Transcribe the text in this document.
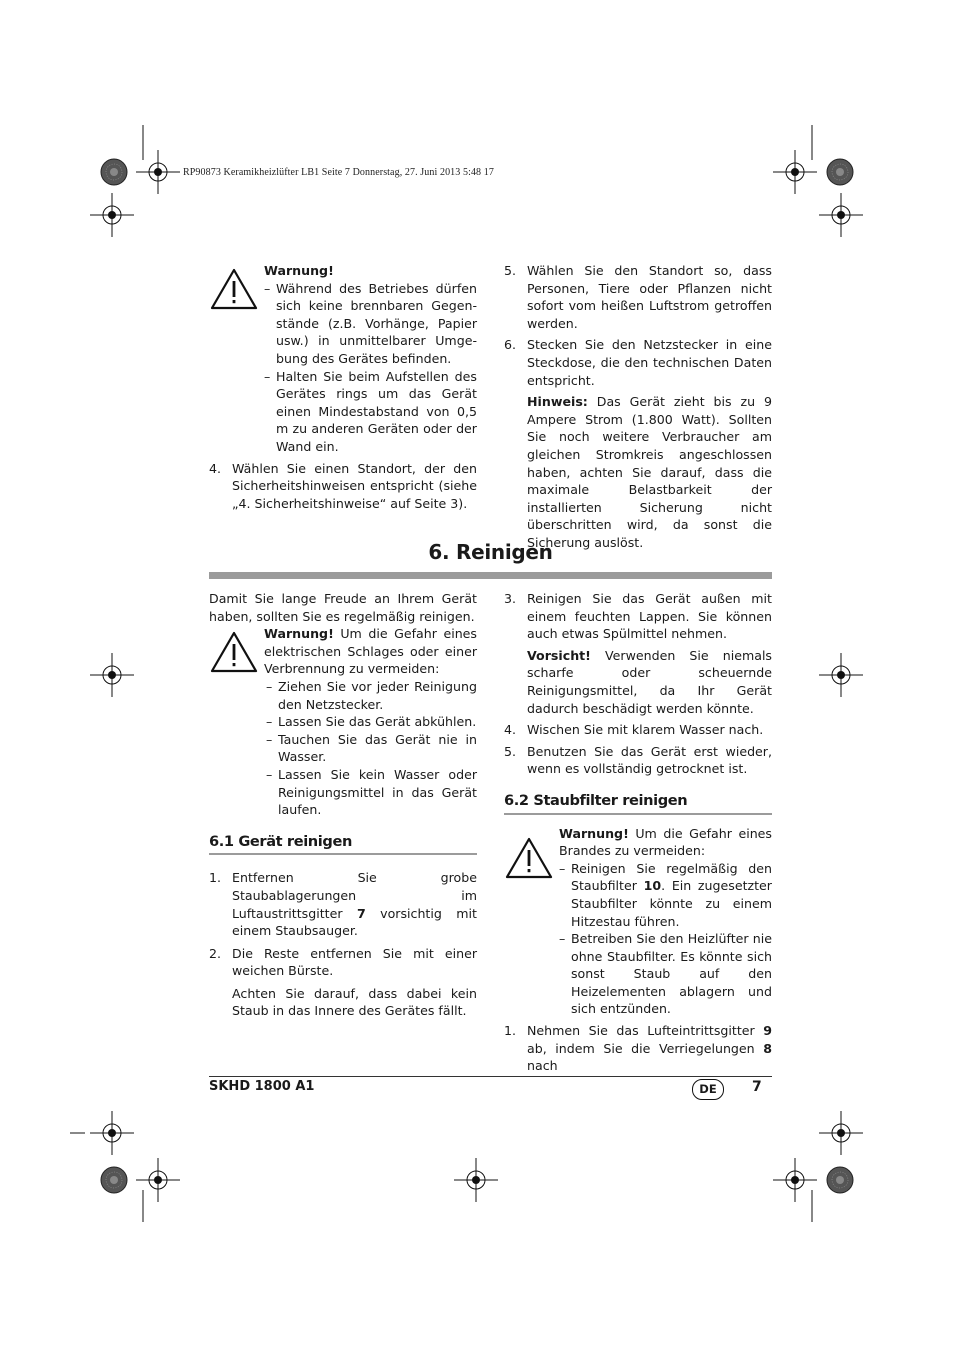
RP90873 Keramikheizlüfter LB1 Seite 7 Donnerstag, 27. Juni 2013 5:48 17

Warnung!

– Während des Betriebes dürfen sich keine brennbaren Gegenstände (z.B. Vorhänge, Papier usw.) in unmittelbarer Umgebung des Gerätes befinden.
– Halten Sie beim Aufstellen des Gerätes rings um das Gerät einen Mindestabstand von 0,5 m zu anderen Geräten oder der Wand ein.
4. Wählen Sie einen Standort, der den Sicherheitshinweisen entspricht (siehe „4. Sicherheitshinweise“ auf Seite 3).
5. Wählen Sie den Standort so, dass Personen, Tiere oder Pflanzen nicht sofort vom heißen Luftstrom getroffen werden.
6. Stecken Sie den Netzstecker in eine Steckdose, die den technischen Daten entspricht.

Hinweis: Das Gerät zieht bis zu 9 Ampere Strom (1.800 Watt). Sollten Sie noch weitere Verbraucher am gleichen Stromkreis angeschlossen haben, achten Sie darauf, dass die maximale Belastbarkeit der installierten Sicherung nicht überschritten wird, da sonst die Sicherung auslöst.

6. Reinigen

Damit Sie lange Freude an Ihrem Gerät haben, sollten Sie es regelmäßig reinigen.

Warnung! Um die Gefahr eines elektrischen Schlages oder einer Verbrennung zu vermeiden:

– Ziehen Sie vor jeder Reinigung den Netzstecker.
– Lassen Sie das Gerät abkühlen.
– Tauchen Sie das Gerät nie in Wasser.
– Lassen Sie kein Wasser oder Reinigungsmittel in das Gerät laufen.
6.1 Gerät reinigen
1. Entfernen Sie grobe Staubablagerungen im Luftaustrittsgitter 7 vorsichtig mit einem Staubsauger.
2. Die Reste entfernen Sie mit einer weichen Bürste.

Achten Sie darauf, dass dabei kein Staub in das Innere des Gerätes fällt.

3. Reinigen Sie das Gerät außen mit einem feuchten Lappen. Sie können auch etwas Spülmittel nehmen.

Vorsicht! Verwenden Sie niemals scharfe oder scheuernde Reinigungsmittel, da Ihr Gerät dadurch beschädigt werden könnte.

4. Wischen Sie mit klarem Wasser nach.
5. Benutzen Sie das Gerät erst wieder, wenn es vollständig getrocknet ist.
6.2 Staubfilter reinigen

Warnung! Um die Gefahr eines Brandes zu vermeiden:

– Reinigen Sie regelmäßig den Staubfilter 10. Ein zugesetzter Staubfilter könnte zu einem Hitzestau führen.
– Betreiben Sie den Heizlüfter nie ohne Staubfilter. Es könnte sich sonst Staub auf den Heizelementen ablagern und sich entzünden.
1. Nehmen Sie das Lufteintrittsgitter 9 ab, indem Sie die Verriegelungen 8 nach
SKHD 1800 A1	DE	7
